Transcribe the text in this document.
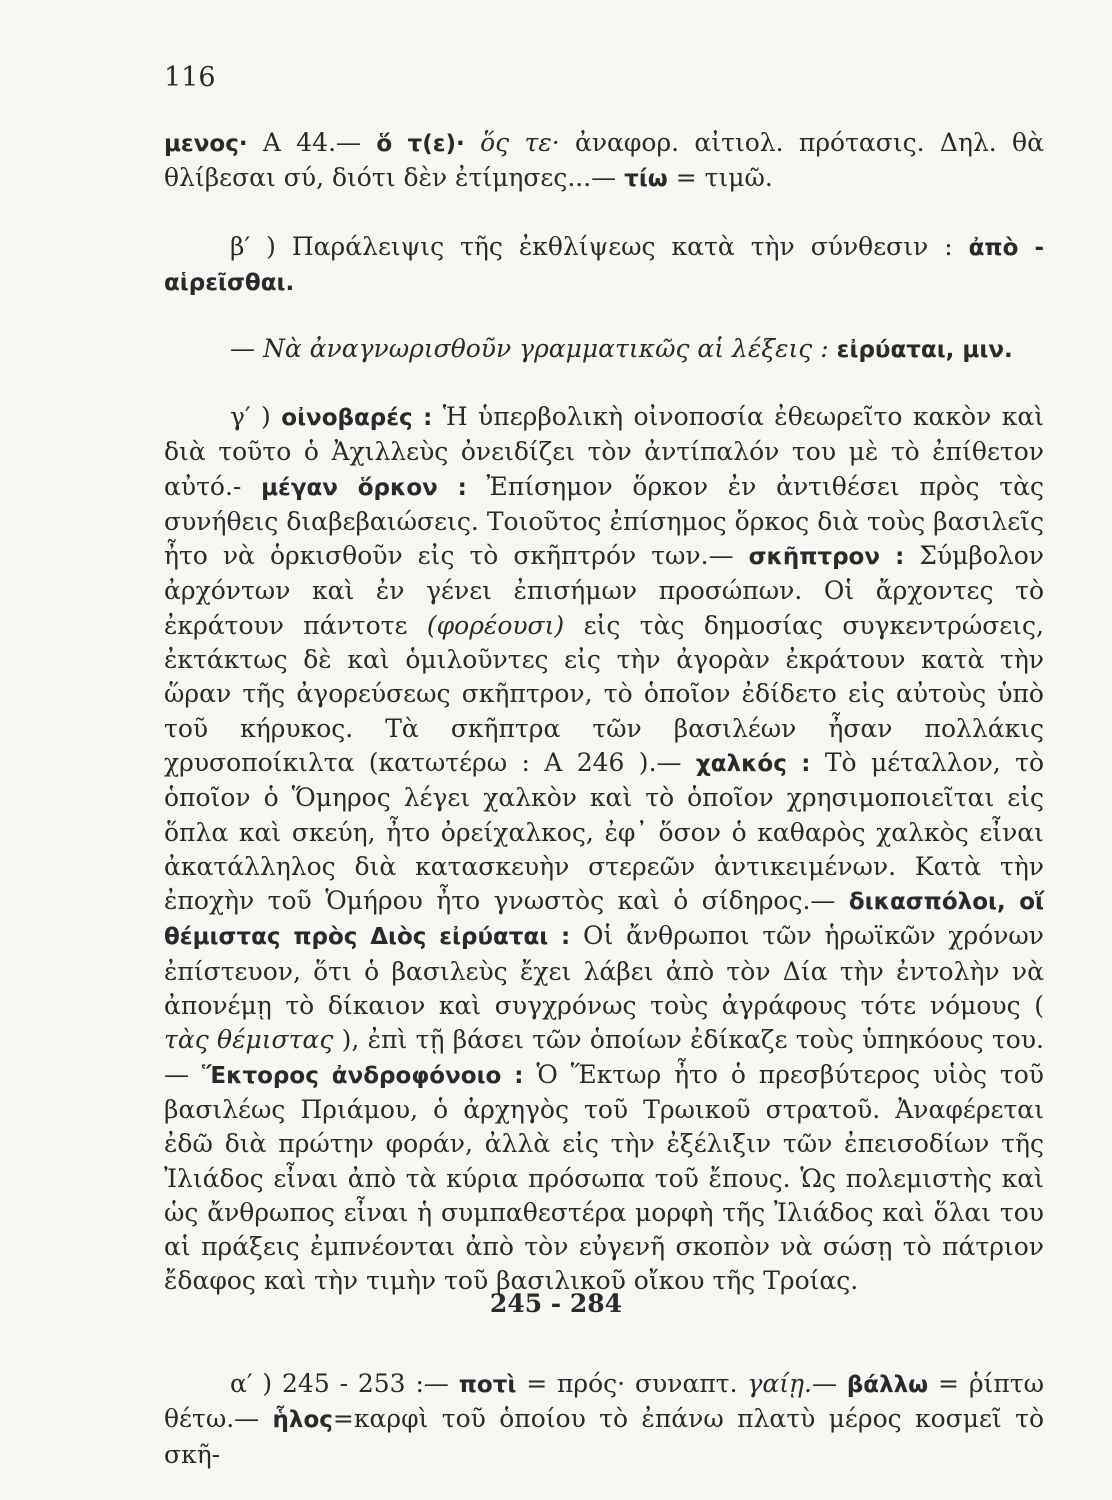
116
μενος· Α 44.— ὅ τ(ε)· ὅς τε· ἀναφορ. αἰτιολ. πρότασις. Δηλ. θὰ θλίβεσαι σύ, διότι δὲν ἐτίμησες...— τίω = τιμῶ.
β′ ) Παράλειψις τῆς ἐκθλίψεως κατὰ τὴν σύνθεσιν : ἀπὸ - αἱρεῖσθαι.
— Νὰ ἀναγνωρισθοῦν γραμματικῶς αἱ λέξεις : εἰρύαται, μιν.
γ′ ) οἰνοβαρές : Ἡ ὑπερβολικὴ οἰνοποσία ἐθεωρεῖτο κακὸν καὶ διὰ τοῦτο ὁ Ἀχιλλεὺς ὀνειδίζει τὸν ἀντίπαλόν του μὲ τὸ ἐπίθετον αὐτό.- μέγαν ὅρκον : Ἐπίσημον ὅρκον ἐν ἀντιθέσει πρὸς τὰς συνήθεις διαβεβαιώσεις. Τοιοῦτος ἐπίσημος ὅρκος διὰ τοὺς βασιλεῖς ἦτο νὰ ὁρκισθοῦν εἰς τὸ σκῆπτρόν των.— σκῆπτρον : Σύμβολον ἀρχόντων καὶ ἐν γένει ἐπισήμων προσώπων. Οἱ ἄρχοντες τὸ ἐκράτουν πάντοτε (φορέουσι) εἰς τὰς δημοσίας συγκεντρώσεις, ἐκτάκτως δὲ καὶ ὁμιλοῦντες εἰς τὴν ἀγορὰν ἐκράτουν κατὰ τὴν ὥραν τῆς ἀγορεύσεως σκῆπτρον, τὸ ὁποῖον ἐδίδετο εἰς αὐτοὺς ὑπὸ τοῦ κήρυκος. Τὰ σκῆπτρα τῶν βασιλέων ἦσαν πολλάκις χρυσοποίκιλτα (κατωτέρω : Α 246 ).— χαλκός : Τὸ μέταλλον, τὸ ὁποῖον ὁ Ὅμηρος λέγει χαλκὸν καὶ τὸ ὁποῖον χρησιμοποιεῖται εἰς ὅπλα καὶ σκεύη, ἦτο ὀρείχαλκος, ἐφ᾽ ὅσον ὁ καθαρὸς χαλκὸς εἶναι ἀκατάλληλος διὰ κατασκευὴν στερεῶν ἀντικειμένων. Κατὰ τὴν ἐποχὴν τοῦ Ὁμήρου ἦτο γνωστὸς καὶ ὁ σίδηρος.— δικασπόλοι, οἵ θέμιστας πρὸς Διὸς εἰρύαται : Οἱ ἄνθρωποι τῶν ἡρωϊκῶν χρόνων ἐπίστευον, ὅτι ὁ βασιλεὺς ἔχει λάβει ἀπὸ τὸν Δία τὴν ἐντολὴν νὰ ἀπονέμῃ τὸ δίκαιον καὶ συγχρόνως τοὺς ἀγράφους τότε νόμους ( τὰς θέμιστας ), ἐπὶ τῇ βάσει τῶν ὁποίων ἐδίκαζε τοὺς ὑπηκόους του.— Ἕκτορος ἀνδροφόνοιο : Ὁ Ἕκτωρ ἦτο ὁ πρεσβύτερος υἱὸς τοῦ βασιλέως Πριάμου, ὁ ἀρχηγὸς τοῦ Τρωικοῦ στρατοῦ. Ἀναφέρεται ἐδῶ διὰ πρώτην φοράν, ἀλλὰ εἰς τὴν ἐξέλιξιν τῶν ἐπεισοδίων τῆς Ἰλιάδος εἶναι ἀπὸ τὰ κύρια πρόσωπα τοῦ ἔπους. Ὡς πολεμιστὴς καὶ ὡς ἄνθρωπος εἶναι ἡ συμπαθεστέρα μορφὴ τῆς Ἰλιάδος καὶ ὅλαι του αἱ πράξεις ἐμπνέονται ἀπὸ τὸν εὐγενῆ σκοπὸν νὰ σώσῃ τὸ πάτριον ἔδαφος καὶ τὴν τιμὴν τοῦ βασιλικοῦ οἴκου τῆς Τροίας.
245 - 284
α′ ) 245 - 253 :— ποτὶ = πρός· συναπτ. γαίῃ.— βάλλω = ῥίπτω θέτω.— ἧλος=καρφὶ τοῦ ὁποίου τὸ ἐπάνω πλατὺ μέρος κοσμεῖ τὸ σκῆ-
